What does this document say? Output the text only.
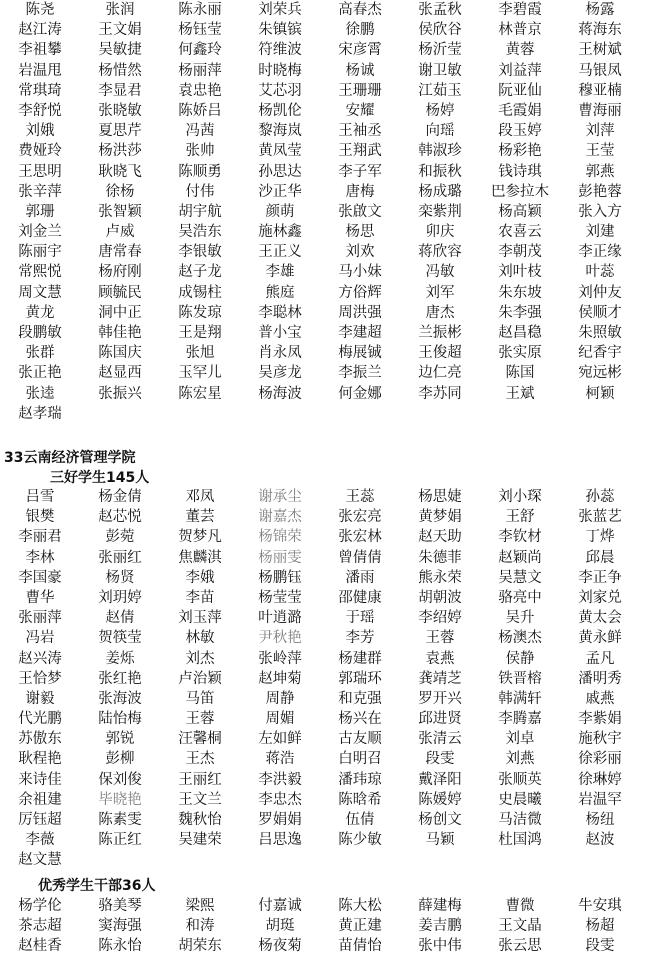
陈尧	张润	陈永丽	刘荣兵	高春杰	张孟秋	李碧霞	杨露
赵江涛	王文娟	杨钰莹	朱镇镔	徐鹏	侯欣谷	林普京	蒋海东
李祖攀	吴敏捷	何鑫玲	符维波	宋彦霄	杨沂莹	黄蓉	王树斌
岩温甩	杨惜然	杨丽萍	时晓梅	杨诚	谢卫敏	刘益萍	马银凤
常琪琦	李显君	袁忠艳	艾芯羽	王珊珊	江茹玉	阮亚仙	穆亚楠
李舒悦	张晓敏	陈娇吕	杨凯伦	安耀	杨婷	毛霞娟	曹海丽
刘娥	夏思芹	冯茜	黎海岚	王袖丞	向瑶	段玉婷	刘萍
费娅玲	杨洪莎	张帅	黄凤莹	王翔武	韩淑珍	杨彩艳	王莹
王思明	耿晓飞	陈顺勇	孙思达	李子军	和振秋	钱诗琪	郭燕
张辛萍	徐杨	付伟	沙正华	唐梅	杨成璐	巴参拉木	彭艳蓉
郭珊	张智颖	胡宇航	颜萌	张啟文	栾紫荆	杨高颖	张入方
刘金兰	卢威	吴浩东	施林鑫	杨思	卯庆	农喜云	刘建
陈丽宇	唐常春	李银敏	王正义	刘欢	蒋欣容	李朝茂	李正缘
常熙悦	杨府刚	赵子龙	李雄	马小妹	冯敏	刘叶枝	叶蕊
周文慧	顾毓民	成锡柱	熊庭	方俗辉	刘军	朱东坡	刘仲友
黄龙	洞中正	陈发琼	李聪林	周洪强	唐杰	朱李强	侯顺才
段鹏敏	韩佳艳	王是翔	普小宝	李建超	兰振彬	赵昌稳	朱照敏
张群	陈国庆	张旭	肖永凤	梅展铖	王俊超	张实原	纪香宇
张正艳	赵显西	玉罕儿	吴彦龙	李振兰	边仁亮	陈国	宛远彬
张逵	张振兴	陈宏星	杨海波	何金娜	李苏同	王斌	柯颖
赵孝瑞
33云南经济管理学院
三好学生145人
吕雪	杨金倩	邓凤	谢承尘	王蕊	杨思婕	刘小琛	孙蕊
银樊	赵芯悦	董芸	谢嘉杰	张宏亮	黄梦娟	王舒	张蓝艺
李丽君	彭菀	贺梦凡	杨锦荣	张宏林	赵天助	李钦材	丁烨
李林	张丽红	焦麟淇	杨丽雯	曾倩倩	朱德菲	赵颖尚	邱晨
李国豪	杨贤	李娥	杨鹏钰	潘雨	熊永荣	吴慧文	李正争
曹华	刘玥婷	李苗	杨莹莹	邵健康	胡朝波	骆亮中	刘家兑
张丽萍	赵倩	刘玉萍	叶逍潞	于瑶	李绍婷	吴升	黄太会
冯岩	贺筷莹	林敏	尹秋艳	李芳	王蓉	杨澳杰	黄永鲜
赵兴涛	姜烁	刘杰	张岭萍	杨建群	袁燕	侯静	孟凡
王恰梦	张红艳	卢治颖	赵坤菊	郭瑞环	龚靖芝	铁晋榕	潘明秀
谢毅	张海波	马笛	周静	和克强	罗开兴	韩满轩	戚燕
代光鹏	陆怡梅	王蓉	周媚	杨兴在	邱进贤	李腾嘉	李紫娟
苏傲东	郭锐	汪馨桐	左如鲜	古友顺	张清云	刘卓	施秋宇
耿程艳	彭柳	王杰	蒋浩	白明召	段雯	刘燕	徐彩丽
来诗佳	保刘俊	王丽红	李洪毅	潘玮琼	戴泽阳	张顺英	徐琳婷
余祖建	毕晓艳	王文兰	李忠杰	陈晗希	陈媛婷	史晨曦	岩温罕
厉钰超	陈素雯	魏秋怡	罗娟娟	伍倩	杨创文	马洁微	杨纽
李薇	陈正红	吴建荣	吕思逸	陈少敏	马颖	杜国鸿	赵波
赵文慧
优秀学生干部36人
杨学伦	骆美琴	梁熙	付嘉诚	陈大松	薛建梅	曹微	牛安琪
茶志超	窦海强	和涛	胡珽	黄正建	姜吉鹏	王文晶	杨超
赵桂香	陈永怡	胡荣东	杨夜菊	苗倩怡	张中伟	张云思	段雯
